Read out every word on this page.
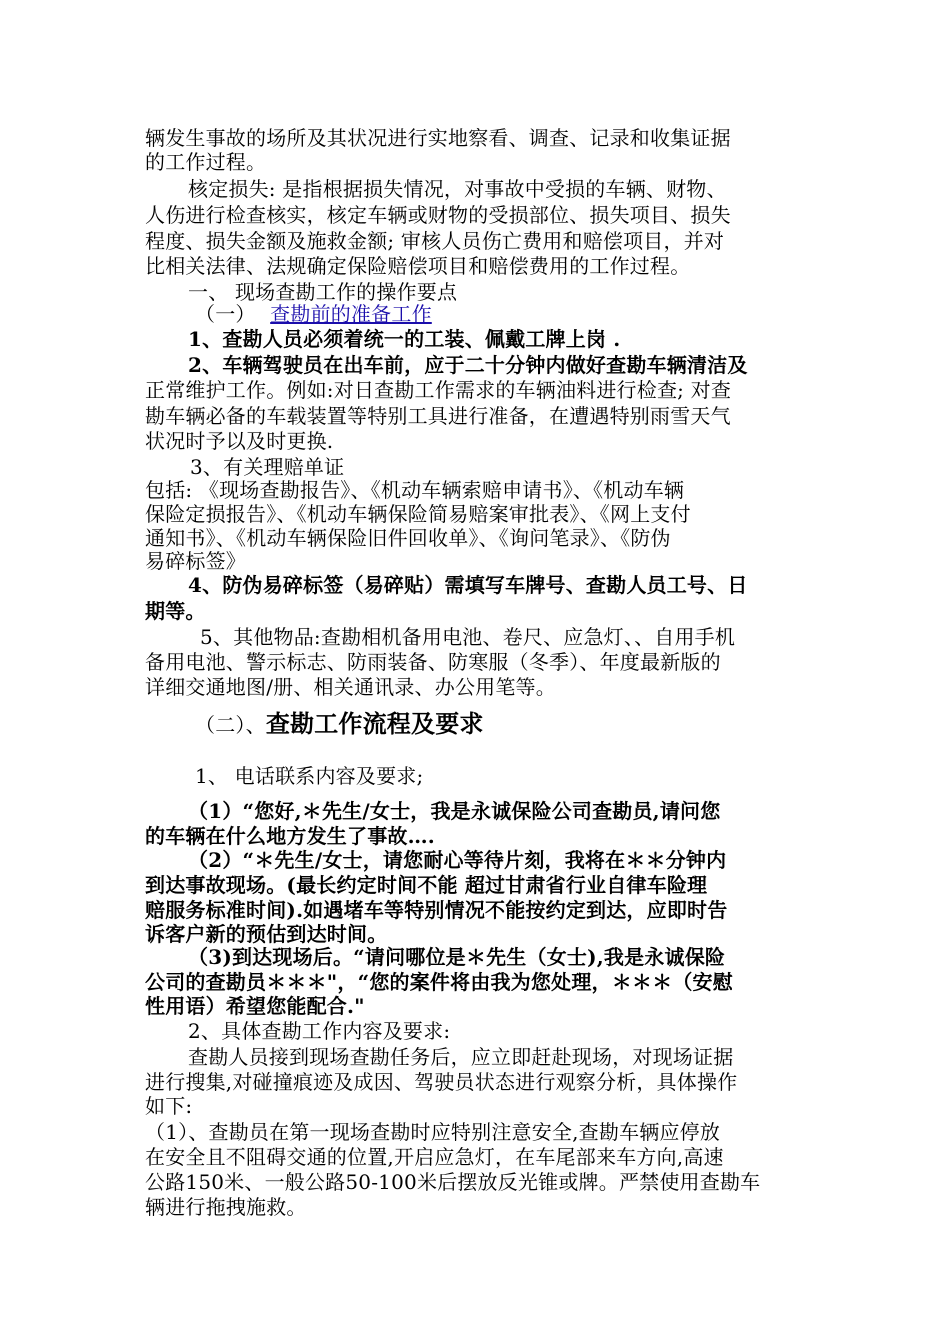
辆发生事故的场所及其状况进行实地察看、调查、记录和收集证据
的工作过程。
核定损失: 是指根据损失情况，对事故中受损的车辆、财物、
人伤进行检查核实，核定车辆或财物的受损部位、损失项目、损失
程度、损失金额及施救金额; 审核人员伤亡费用和赔偿项目，并对
比相关法律、法规确定保险赔偿项目和赔偿费用的工作过程。
一、 现场查勘工作的操作要点
（一） 查勘前的准备工作
1、查勘人员必须着统一的工装、佩戴工牌上岗 .
2、车辆驾驶员在出车前，应于二十分钟内做好查勘车辆清洁及
正常维护工作。例如:对日查勘工作需求的车辆油料进行检查; 对查
勘车辆必备的车载装置等特别工具进行准备，在遭遇特别雨雪天气
状况时予以及时更换.
3、有关理赔单证
包括: 《现场查勘报告》、《机动车辆索赔申请书》、《机动车辆
保险定损报告》、《机动车辆保险简易赔案审批表》、《网上支付
通知书》、《机动车辆保险旧件回收单》、《询问笔录》、《防伪
易碎标签》
4、防伪易碎标签（易碎贴）需填写车牌号、查勘人员工号、日
期等。
5、其他物品:查勘相机备用电池、卷尺、应急灯、、自用手机
备用电池、警示标志、防雨装备、防寒服（冬季）、年度最新版的
详细交通地图/册、相关通讯录、办公用笔等。
（二）、查勘工作流程及要求
1、 电话联系内容及要求;
（1）“您好,＊先生/女士，我是永诚保险公司查勘员,请问您
的车辆在什么地方发生了事故….
（2）“＊先生/女士，请您耐心等待片刻，我将在＊＊分钟内
到达事故现场。(最长约定时间不能 超过甘肃省行业自律车险理
赔服务标准时间).如遇堵车等特别情况不能按约定到达，应即时告
诉客户新的预估到达时间。
（3)到达现场后。“请问哪位是＊先生（女士),我是永诚保险
公司的查勘员＊＊＊"，“您的案件将由我为您处理，＊＊＊（安慰
性用语）希望您能配合."
2、具体查勘工作内容及要求:
查勘人员接到现场查勘任务后，应立即赶赴现场，对现场证据
进行搜集,对碰撞痕迹及成因、驾驶员状态进行观察分析，具体操作
如下:
（1）、查勘员在第一现场查勘时应特别注意安全,查勘车辆应停放
在安全且不阻碍交通的位置,开启应急灯，在车尾部来车方向,高速
公路150米、一般公路50-100米后摆放反光锥或牌。严禁使用查勘车
辆进行拖拽施救。
